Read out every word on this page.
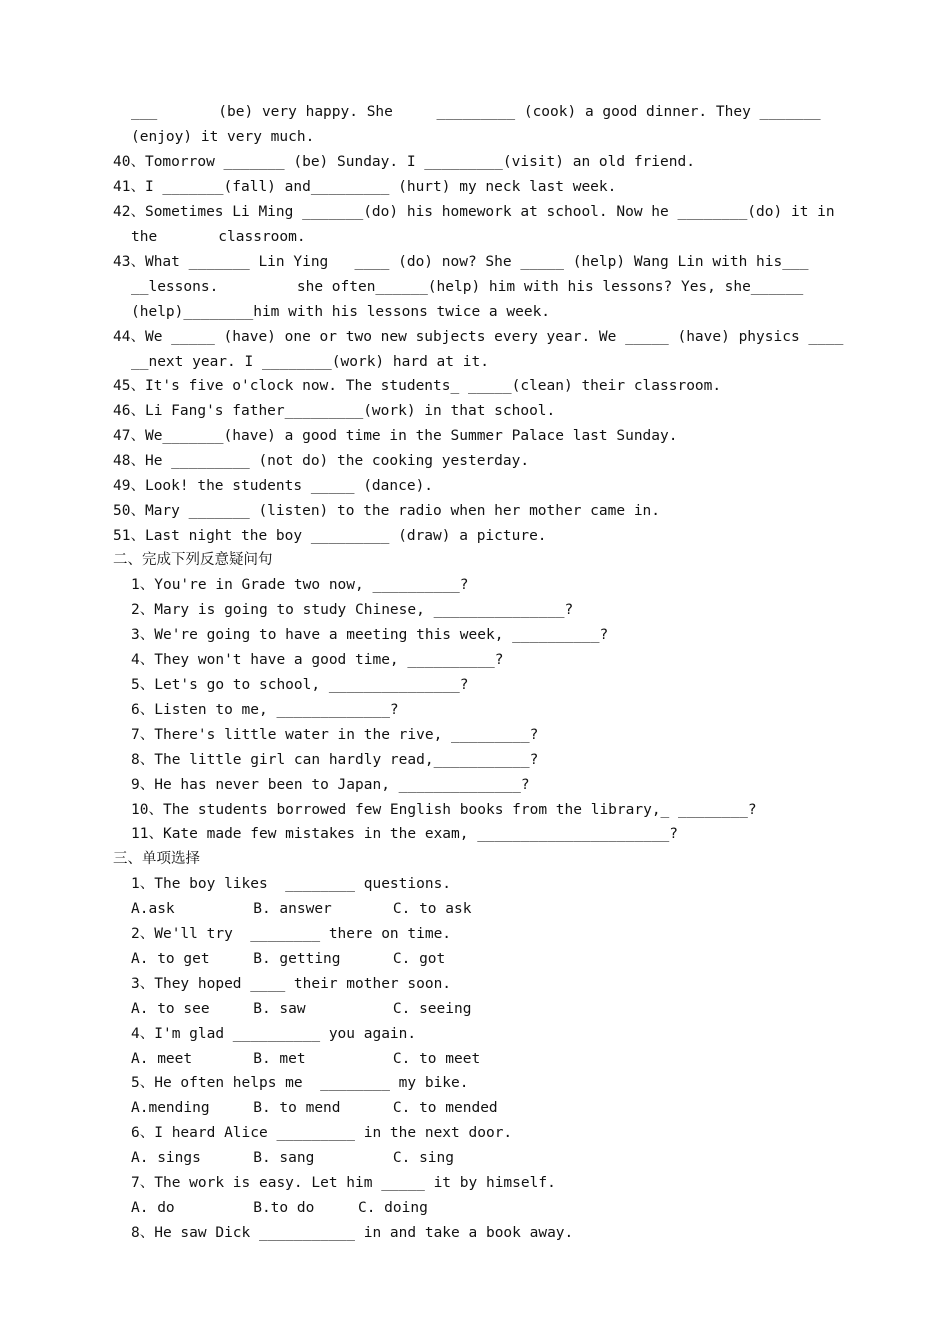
___       (be) very happy. She     _________ (cook) a good dinner. They _______
(enjoy) it very much.
40、Tomorrow _______ (be) Sunday. I _________(visit) an old friend.
41、I _______(fall) and_________ (hurt) my neck last week.
42、Sometimes Li Ming _______(do) his homework at school. Now he ________(do) it in
the       classroom.
43、What _______ Lin Ying   ____ (do) now? She _____ (help) Wang Lin with his___
__lessons.         she often______(help) him with his lessons? Yes, she______
(help)________him with his lessons twice a week.
44、We _____ (have) one or two new subjects every year. We _____ (have) physics ____
__next year. I ________(work) hard at it.
45、It's five o'clock now. The students_ _____(clean) their classroom.
46、Li Fang's father_________(work) in that school.
47、We_______(have) a good time in the Summer Palace last Sunday.
48、He _________ (not do) the cooking yesterday.
49、Look! the students _____ (dance).
50、Mary _______ (listen) to the radio when her mother came in.
51、Last night the boy _________ (draw) a picture.
二、完成下列反意疑问句
1、You're in Grade two now, __________?
2、Mary is going to study Chinese, _______________?
3、We're going to have a meeting this week, __________?
4、They won't have a good time, __________?
5、Let's go to school, _______________?
6、Listen to me, _____________?
7、There's little water in the rive, _________?
8、The little girl can hardly read,___________?
9、He has never been to Japan, ______________?
10、The students borrowed few English books from the library,_ ________?
11、Kate made few mistakes in the exam, ______________________?
三、单项选择
1、The boy likes  ________ questions.
A.ask         B. answer       C. to ask
2、We'll try  ________ there on time.
A. to get     B. getting      C. got
3、They hoped ____ their mother soon.
A. to see     B. saw          C. seeing
4、I'm glad __________ you again.
A. meet       B. met          C. to meet
5、He often helps me  ________ my bike.
A.mending     B. to mend      C. to mended
6、I heard Alice _________ in the next door.
A. sings      B. sang         C. sing
7、The work is easy. Let him _____ it by himself.
A. do         B.to do     C. doing
8、He saw Dick ___________ in and take a book away.
